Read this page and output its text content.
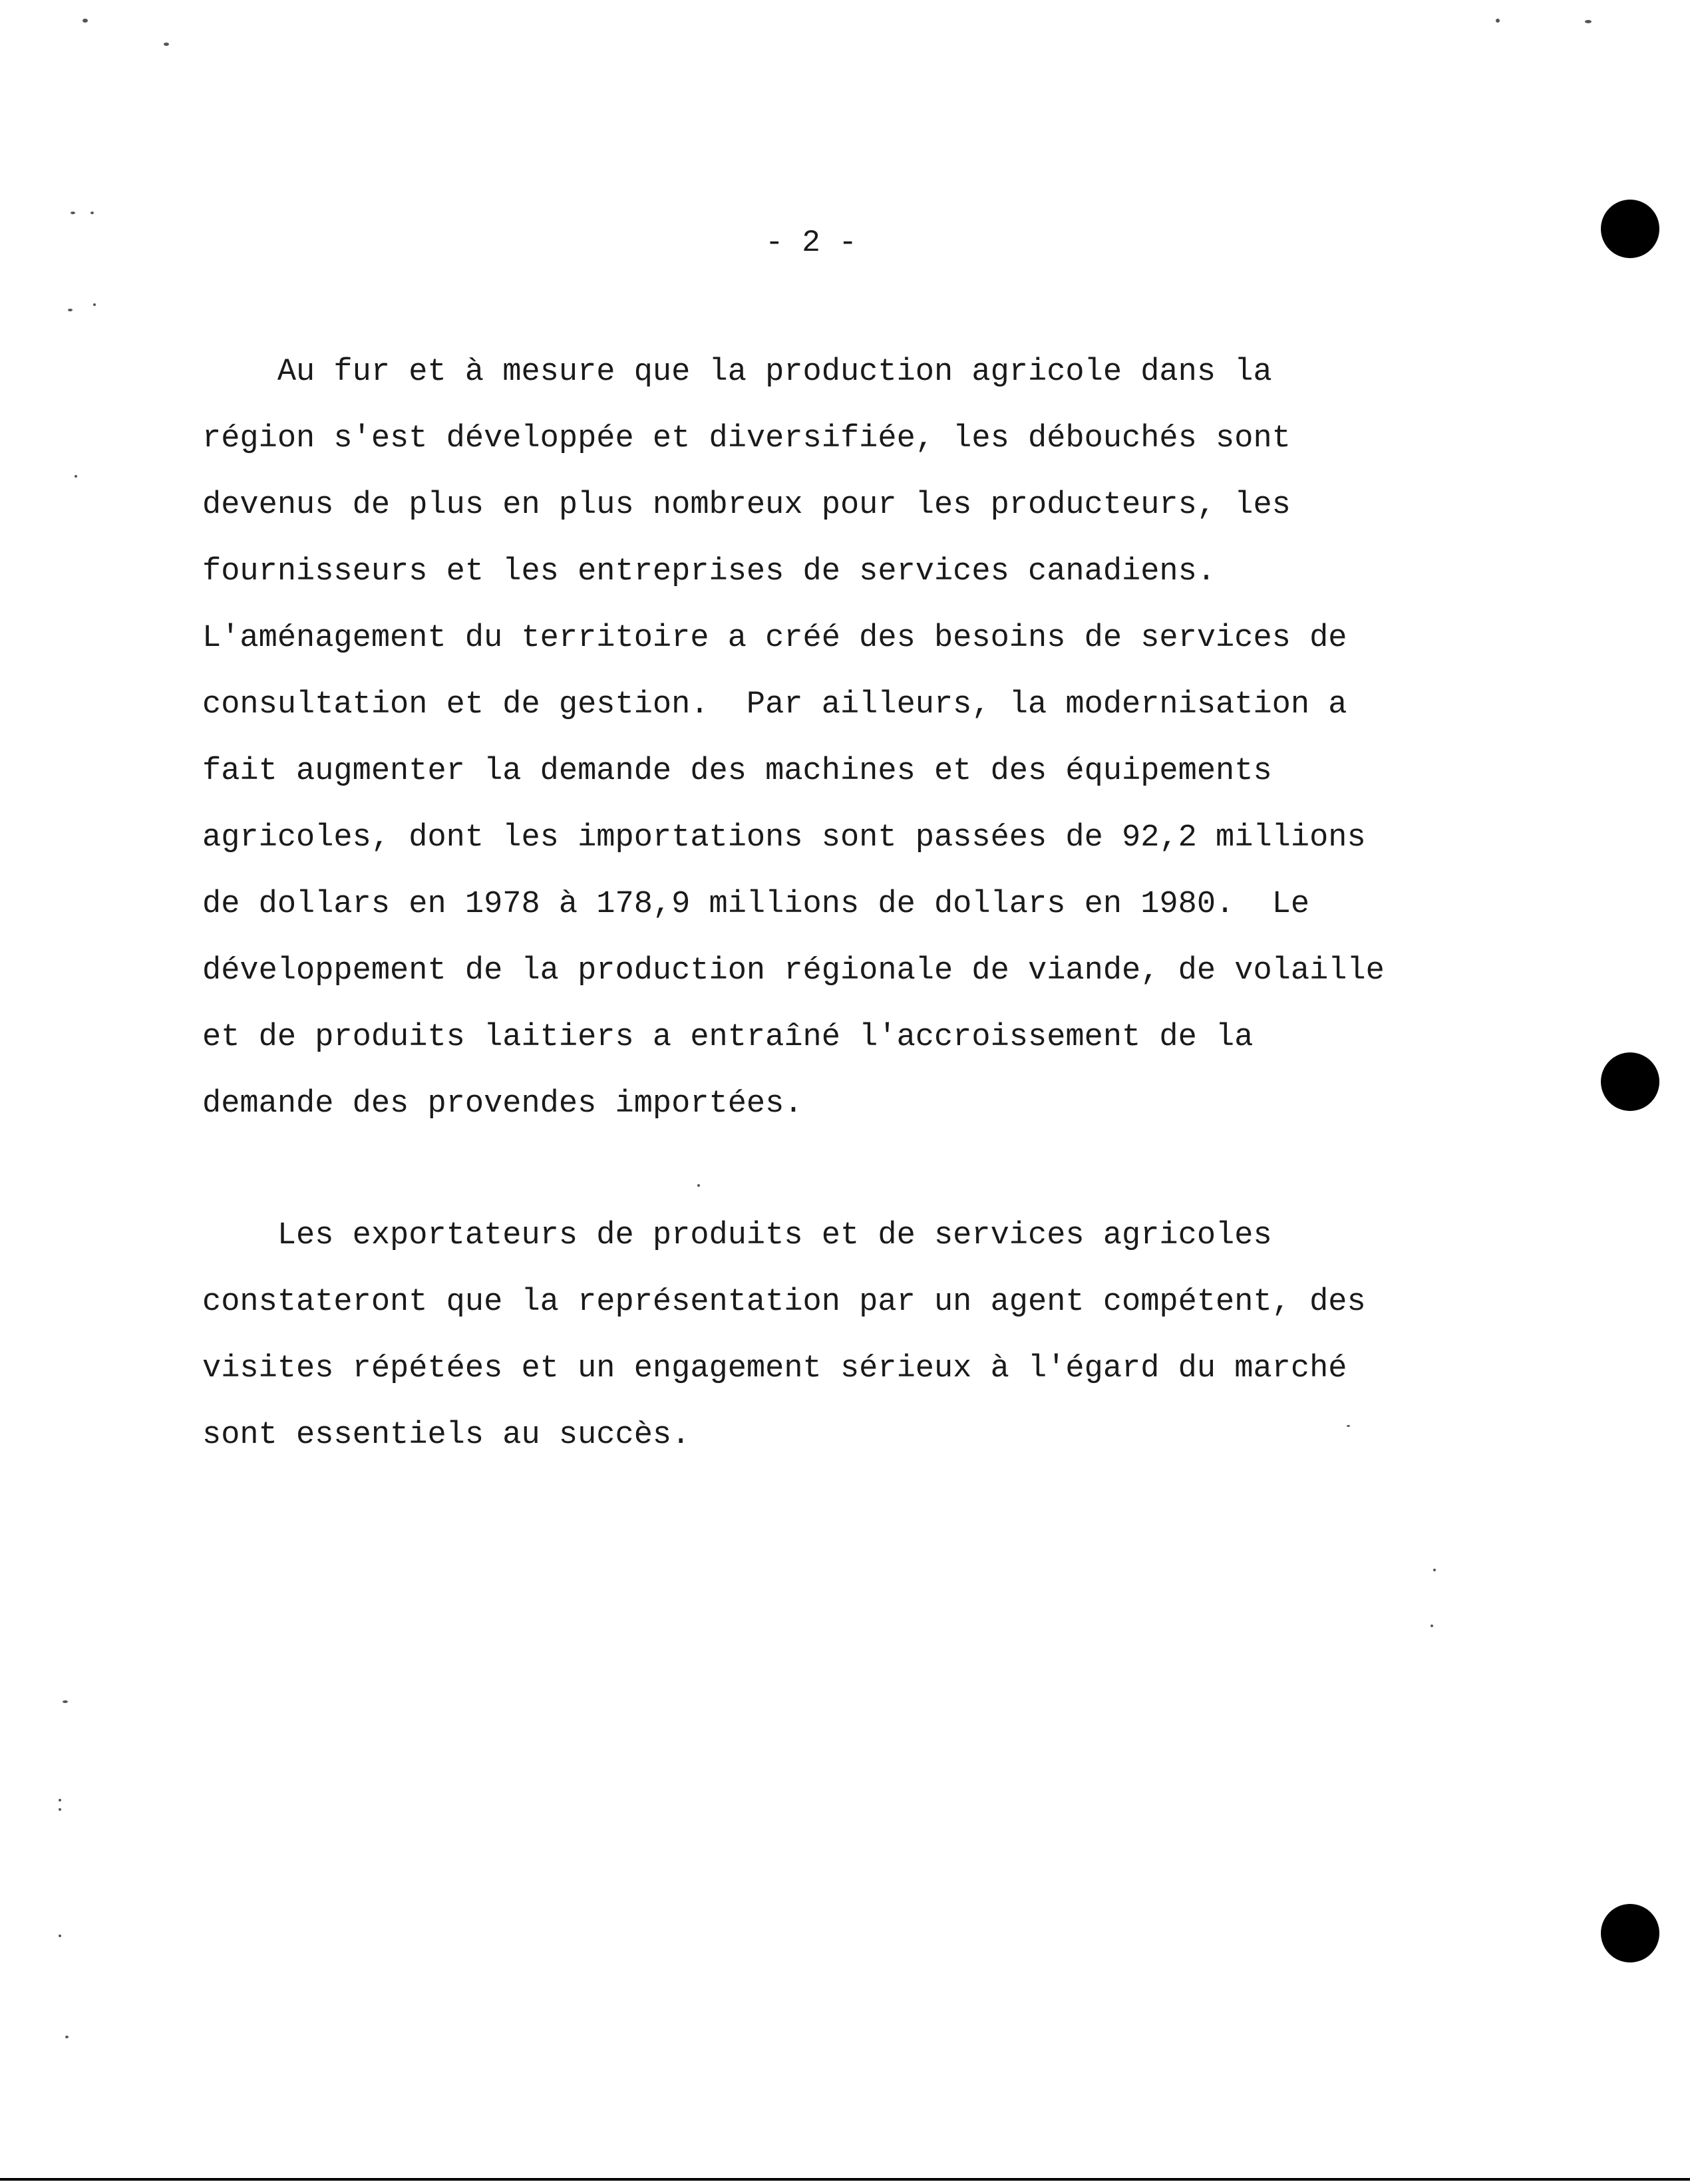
- 2 -
Au fur et à mesure que la production agricole dans la
région s'est développée et diversifiée, les débouchés sont
devenus de plus en plus nombreux pour les producteurs, les
fournisseurs et les entreprises de services canadiens.
L'aménagement du territoire a créé des besoins de services de
consultation et de gestion.  Par ailleurs, la modernisation a
fait augmenter la demande des machines et des équipements
agricoles, dont les importations sont passées de 92,2 millions
de dollars en 1978 à 178,9 millions de dollars en 1980.  Le
développement de la production régionale de viande, de volaille
et de produits laitiers a entraîné l'accroissement de la
demande des provendes importées.
Les exportateurs de produits et de services agricoles
constateront que la représentation par un agent compétent, des
visites répétées et un engagement sérieux à l'égard du marché
sont essentiels au succès.
